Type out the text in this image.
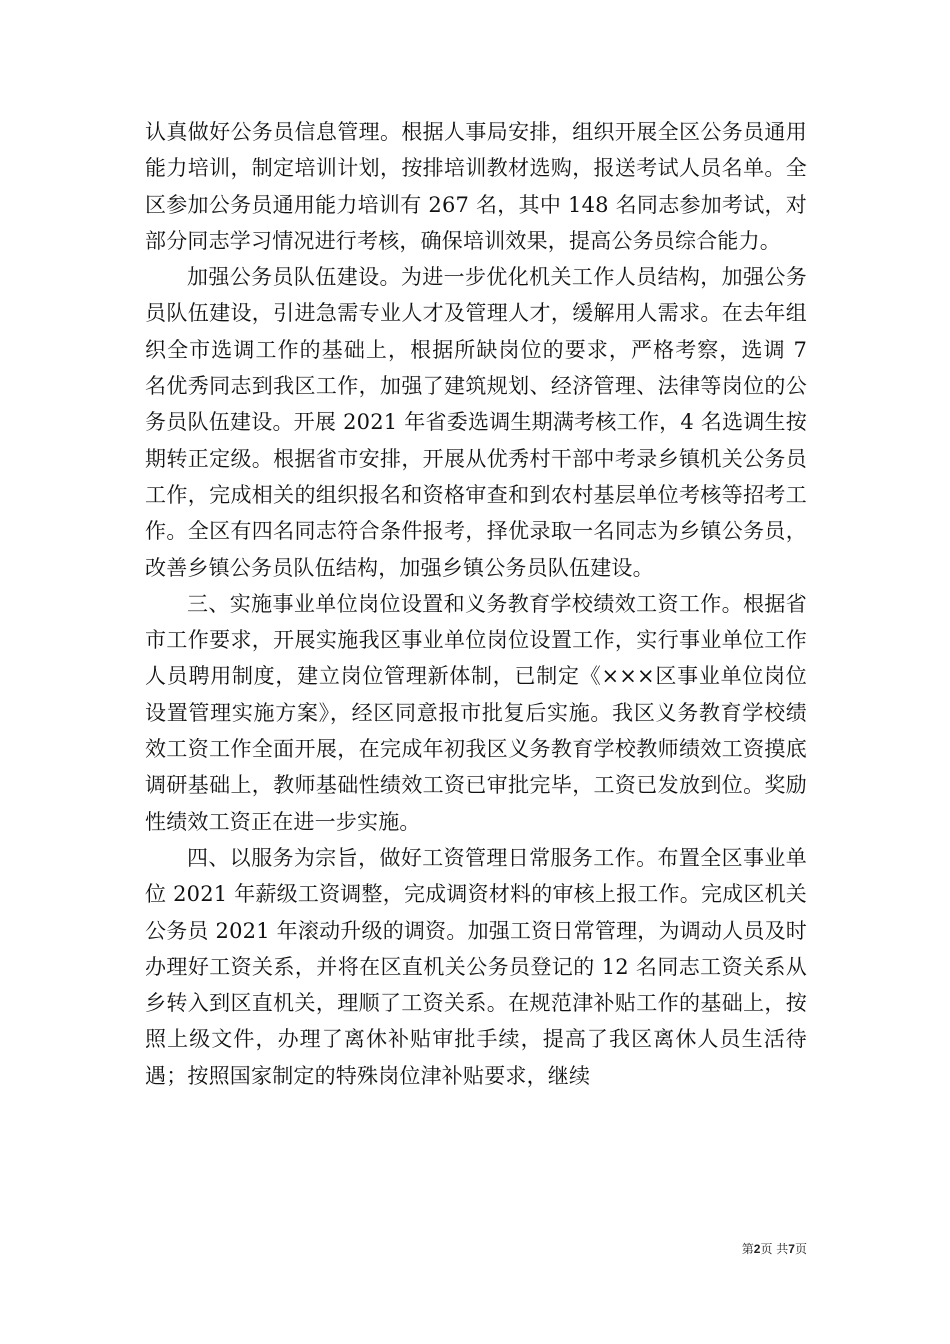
认真做好公务员信息管理。根据人事局安排，组织开展全区公务员通用能力培训，制定培训计划，按排培训教材选购，报送考试人员名单。全区参加公务员通用能力培训有 267 名，其中 148 名同志参加考试，对部分同志学习情况进行考核，确保培训效果，提高公务员综合能力。

加强公务员队伍建设。为进一步优化机关工作人员结构，加强公务员队伍建设，引进急需专业人才及管理人才，缓解用人需求。在去年组织全市选调工作的基础上，根据所缺岗位的要求，严格考察，选调 7 名优秀同志到我区工作，加强了建筑规划、经济管理、法律等岗位的公务员队伍建设。开展 2021 年省委选调生期满考核工作，4 名选调生按期转正定级。根据省市安排，开展从优秀村干部中考录乡镇机关公务员工作，完成相关的组织报名和资格审查和到农村基层单位考核等招考工作。全区有四名同志符合条件报考，择优录取一名同志为乡镇公务员，改善乡镇公务员队伍结构，加强乡镇公务员队伍建设。

三、实施事业单位岗位设置和义务教育学校绩效工资工作。根据省市工作要求，开展实施我区事业单位岗位设置工作，实行事业单位工作人员聘用制度，建立岗位管理新体制，已制定《×××区事业单位岗位设置管理实施方案》，经区同意报市批复后实施。我区义务教育学校绩效工资工作全面开展，在完成年初我区义务教育学校教师绩效工资摸底调研基础上，教师基础性绩效工资已审批完毕，工资已发放到位。奖励性绩效工资正在进一步实施。

四、以服务为宗旨，做好工资管理日常服务工作。布置全区事业单位 2021 年薪级工资调整，完成调资材料的审核上报工作。完成区机关公务员 2021 年滚动升级的调资。加强工资日常管理，为调动人员及时办理好工资关系，并将在区直机关公务员登记的 12 名同志工资关系从乡转入到区直机关，理顺了工资关系。在规范津补贴工作的基础上，按照上级文件，办理了离休补贴审批手续，提高了我区离休人员生活待遇；按照国家制定的特殊岗位津补贴要求，继续

第2页 共7页
